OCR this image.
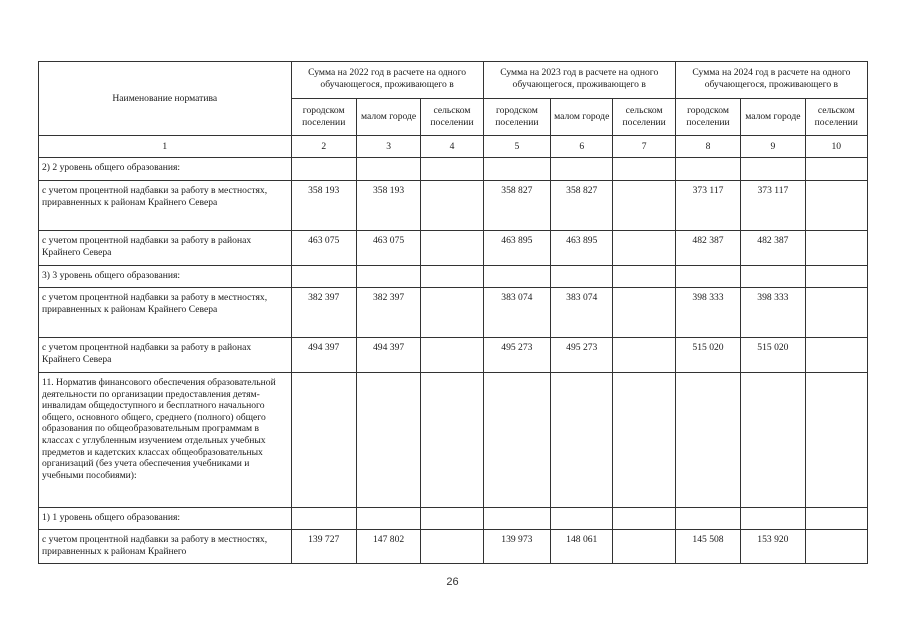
Наименование норматива	Сумма на 2022 год в расчете на одного обучающегося, проживающего в			Сумма на 2023 год в расчете на одного обучающегося, проживающего в			Сумма на 2024 год в расчете на одного обучающегося, проживающего в		
	городском поселении	малом городе	сельском поселении	городском поселении	малом городе	сельском поселении	городском поселении	малом городе	сельском поселении
1	2	3	4	5	6	7	8	9	10
2) 2 уровень общего образования:									
с учетом процентной надбавки за работу в местностях, приравненных к районам Крайнего Севера	358 193	358 193		358 827	358 827		373 117	373 117	
с учетом процентной надбавки за работу в районах Крайнего Севера	463 075	463 075		463 895	463 895		482 387	482 387	
3) 3 уровень общего образования:									
с учетом процентной надбавки за работу в местностях, приравненных к районам Крайнего Севера	382 397	382 397		383 074	383 074		398 333	398 333	
с учетом процентной надбавки за работу в районах Крайнего Севера	494 397	494 397		495 273	495 273		515 020	515 020	
11. Норматив финансового обеспечения образовательной деятельности по организации предоставления детям-инвалидам общедоступного и бесплатного начального общего, основного общего, среднего (полного) общего образования по общеобразовательным программам в классах с углубленным изучением отдельных учебных предметов и кадетских классах общеобразовательных организаций (без учета обеспечения учебниками и учебными пособиями):									
1) 1 уровень общего образования:									
с учетом процентной надбавки за работу в местностях, приравненных к районам Крайнего	139 727	147 802		139 973	148 061		145 508	153 920	
26
